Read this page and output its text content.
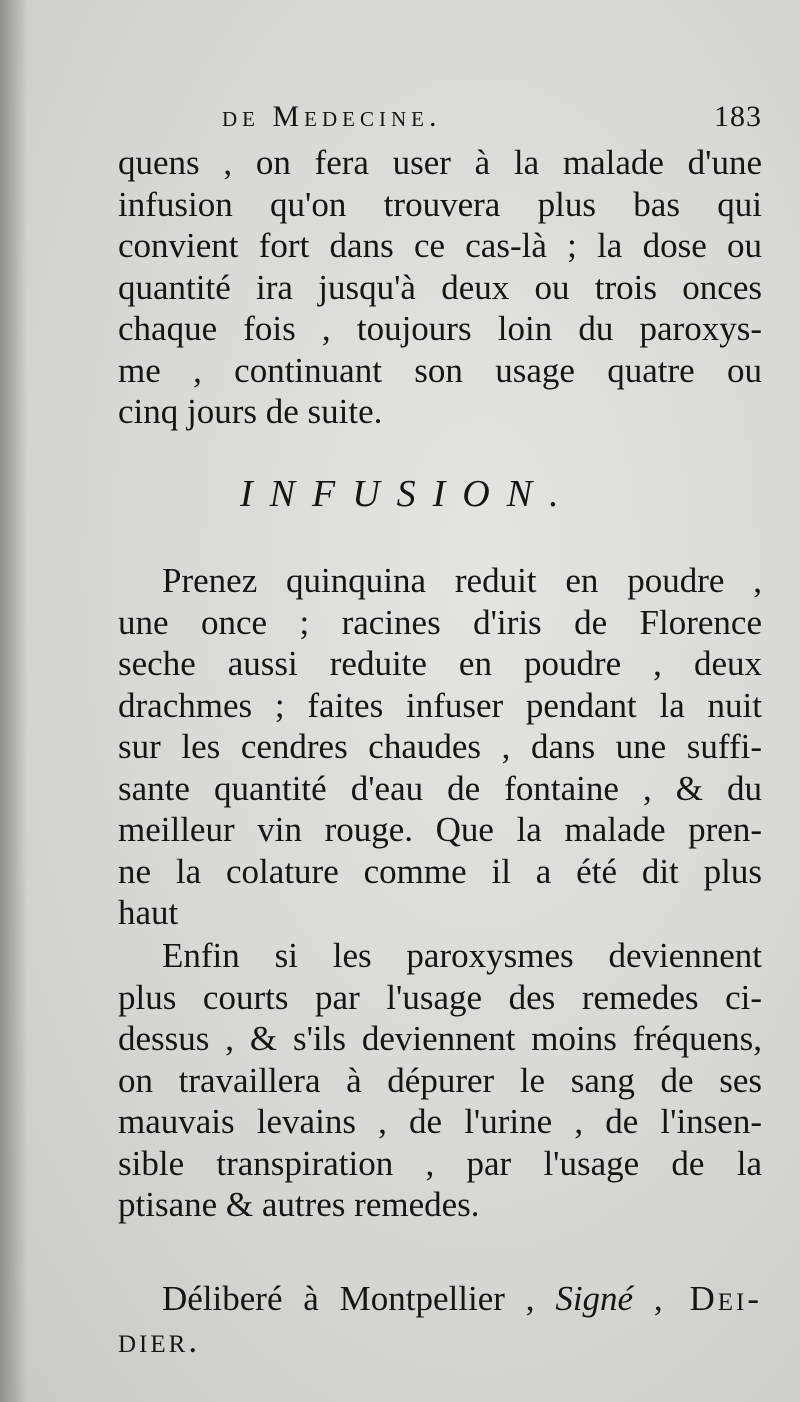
de Medecine.	183
quens , on fera user à la malade d'une
infusion qu'on trouvera plus bas qui
convient fort dans ce cas-là ; la dose ou
quantité ira jusqu'à deux ou trois onces
chaque fois , toujours loin du paroxys-
me , continuant son usage quatre ou
cinq jours de suite.
INFUSION.
Prenez quinquina reduit en poudre ,
une once ; racines d'iris de Florence
seche aussi reduite en poudre , deux
drachmes ; faites infuser pendant la nuit
sur les cendres chaudes , dans une suffi-
sante quantité d'eau de fontaine , & du
meilleur vin rouge. Que la malade pren-
ne la colature comme il a été dit plus
haut
Enfin si les paroxysmes deviennent
plus courts par l'usage des remedes ci-
dessus , & s'ils deviennent moins fréquens,
on travaillera à dépurer le sang de ses
mauvais levains , de l'urine , de l'insen-
sible transpiration , par l'usage de la
ptisane & autres remedes.
Déliberé à Montpellier , Signé , Dei-
dier.
